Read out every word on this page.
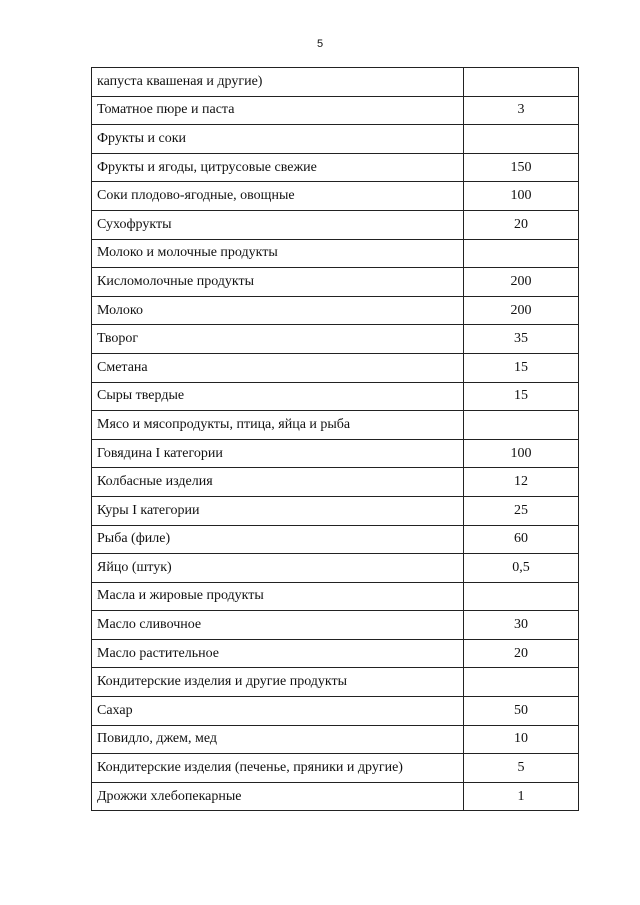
5
капуста квашеная и другие)	
Томатное пюре и паста	3
Фрукты и соки	
Фрукты и ягоды, цитрусовые свежие	150
Соки плодово-ягодные, овощные	100
Сухофрукты	20
Молоко и молочные продукты	
Кисломолочные продукты	200
Молоко	200
Творог	35
Сметана	15
Сыры твердые	15
Мясо и мясопродукты, птица, яйца и рыба	
Говядина I категории	100
Колбасные изделия	12
Куры I категории	25
Рыба (филе)	60
Яйцо (штук)	0,5
Масла и жировые продукты	
Масло сливочное	30
Масло растительное	20
Кондитерские изделия и другие продукты	
Сахар	50
Повидло, джем, мед	10
Кондитерские изделия (печенье, пряники и другие)	5
Дрожжи хлебопекарные	1
